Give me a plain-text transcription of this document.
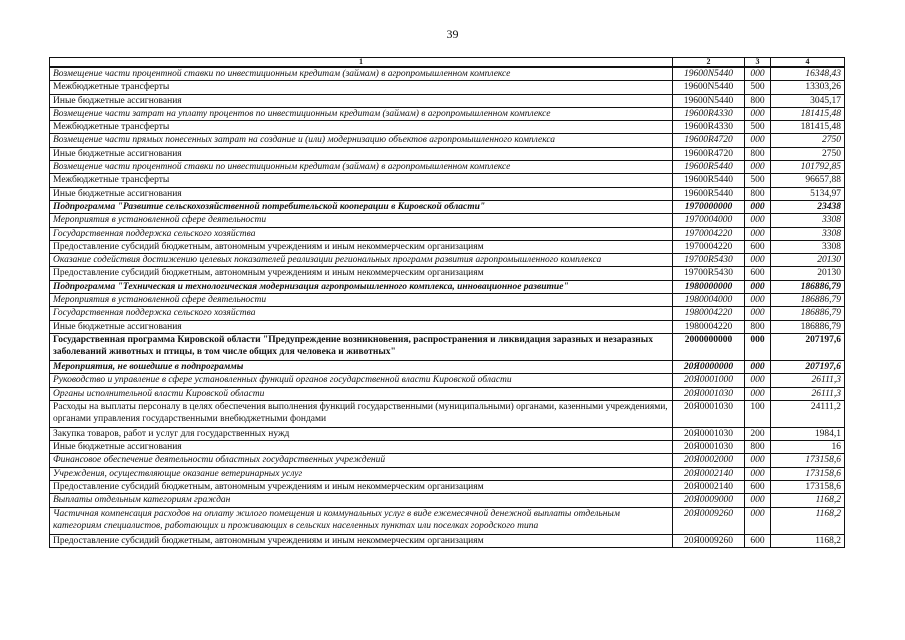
39
1	2	3	4
Возмещение части процентной ставки по инвестиционным кредитам (займам) в агропромышленном комплексе	19600N5440	000	16348,43
Межбюджетные трансферты	19600N5440	500	13303,26
Иные бюджетные ассигнования	19600N5440	800	3045,17
Возмещение части затрат на уплату процентов по инвестиционным кредитам (займам) в агропромышленном комплексе	19600R4330	000	181415,48
Межбюджетные трансферты	19600R4330	500	181415,48
Возмещение части прямых понесенных затрат на создание и (или) модернизацию объектов агропромышленного комплекса	19600R4720	000	2750
Иные бюджетные ассигнования	19600R4720	800	2750
Возмещение части процентной ставки по инвестиционным кредитам (займам) в агропромышленном комплексе	19600R5440	000	101792,85
Межбюджетные трансферты	19600R5440	500	96657,88
Иные бюджетные ассигнования	19600R5440	800	5134,97
Подпрограмма "Развитие сельскохозяйственной потребительской кооперации в Кировской области"	1970000000	000	23438
Мероприятия в установленной сфере деятельности	1970004000	000	3308
Государственная поддержка сельского хозяйства	1970004220	000	3308
Предоставление субсидий бюджетным, автономным учреждениям и иным некоммерческим организациям	1970004220	600	3308
Оказание содействия достижению целевых показателей реализации региональных программ развития агропромышленного комплекса	19700R5430	000	20130
Предоставление субсидий бюджетным, автономным учреждениям и иным некоммерческим организациям	19700R5430	600	20130
Подпрограмма "Техническая и технологическая модернизация агропромышленного комплекса, инновационное развитие"	1980000000	000	186886,79
Мероприятия в установленной сфере деятельности	1980004000	000	186886,79
Государственная поддержка сельского хозяйства	1980004220	000	186886,79
Иные бюджетные ассигнования	1980004220	800	186886,79
Государственная программа Кировской области "Предупреждение возникновения, распространения и ликвидация заразных и незаразных заболеваний животных и птицы, в том числе общих для человека и животных"	2000000000	000	207197,6
Мероприятия, не вошедшие в подпрограммы	20Я0000000	000	207197,6
Руководство и управление в сфере установленных функций органов государственной власти Кировской области	20Я0001000	000	26111,3
Органы исполнительной власти Кировской области	20Я0001030	000	26111,3
Расходы на выплаты персоналу в целях обеспечения выполнения функций государственными (муниципальными) органами, казенными учреждениями, органами управления государственными внебюджетными фондами	20Я0001030	100	24111,2
Закупка товаров, работ и услуг для государственных нужд	20Я0001030	200	1984,1
Иные бюджетные ассигнования	20Я0001030	800	16
Финансовое обеспечение деятельности областных государственных учреждений	20Я0002000	000	173158,6
Учреждения, осуществляющие оказание ветеринарных услуг	20Я0002140	000	173158,6
Предоставление субсидий бюджетным, автономным учреждениям и иным некоммерческим организациям	20Я0002140	600	173158,6
Выплаты отдельным категориям граждан	20Я0009000	000	1168,2
Частичная компенсация расходов на оплату жилого помещения и коммунальных услуг в виде ежемесячной денежной выплаты отдельным категориям специалистов, работающих и проживающих в сельских населенных пунктах или поселках городского типа	20Я0009260	000	1168,2
Предоставление субсидий бюджетным, автономным учреждениям и иным некоммерческим организациям	20Я0009260	600	1168,2
